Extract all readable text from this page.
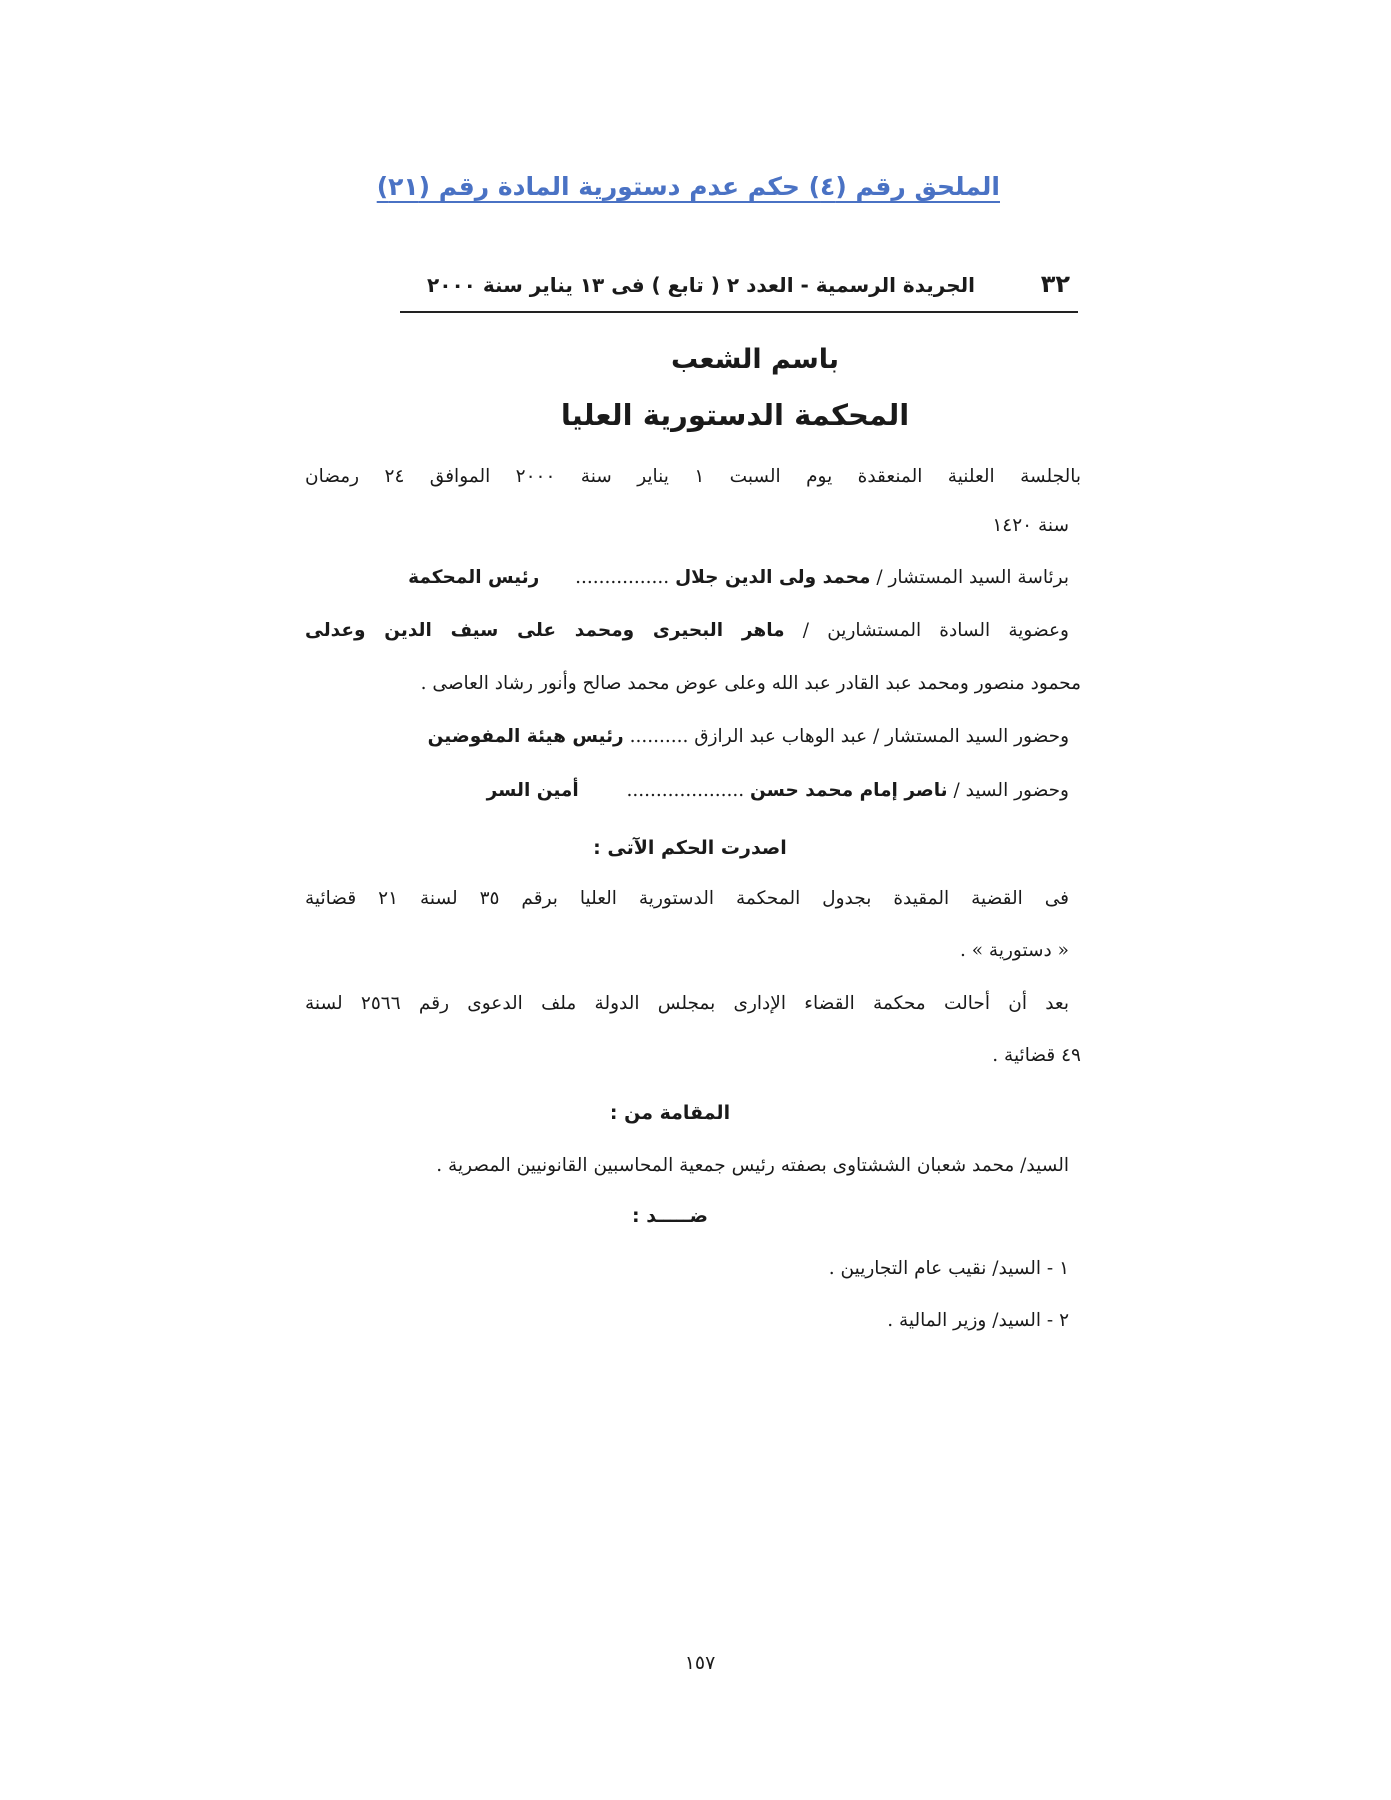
الملحق رقم (٤) حكم عدم دستورية المادة رقم (٢١)
٣٢
الجريدة الرسمية - العدد ٢ ( تابع ) فى ١٣ يناير سنة ٢٠٠٠
باسم الشعب
المحكمة الدستورية العليا
بالجلسة العلنية المنعقدة يوم السبت ١ يناير سنة ٢٠٠٠ الموافق ٢٤ رمضان
سنة ١٤٢٠
برئاسة السيد المستشار / محمد ولى الدين جلال ................  رئيس المحكمة
وعضوية السادة المستشارين / ماهر البحيرى ومحمد على سيف الدين وعدلى
محمود منصور ومحمد عبد القادر عبد الله وعلى عوض محمد صالح وأنور رشاد العاصى .
وحضور السيد المستشار / عبد الوهاب عبد الرازق .......... رئيس هيئة المفوضين
وحضور السيد / ناصر إمام محمد حسن ....................  أمين السر
اصدرت الحكم الآتى :
فى القضية المقيدة بجدول المحكمة الدستورية العليا برقم ٣٥ لسنة ٢١ قضائية
« دستورية » .
بعد أن أحالت محكمة القضاء الإدارى بمجلس الدولة ملف الدعوى رقم ٢٥٦٦ لسنة
٤٩ قضائية .
المقامة من :
السيد/ محمد شعبان الششتاوى بصفته رئيس جمعية المحاسبين القانونيين المصرية .
ضـــــد :
١ - السيد/ نقيب عام التجاريين .
٢ - السيد/ وزير المالية .
١٥٧
